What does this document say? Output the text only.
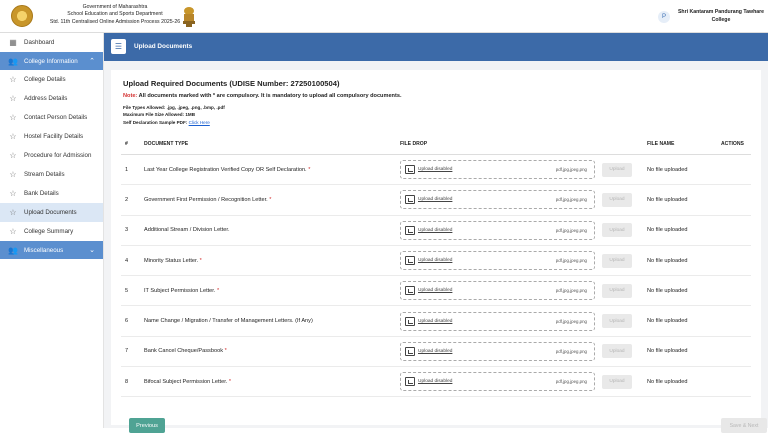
Government of Maharashtra
School Education and Sports Department
Std. 11th Centralised Online Admission Process 2025-26
P
Shri Kantaram Pandurang Tawhare College
▦ Dashboard
👥 College Information ⌃
☆ College Details
☆ Address Details
☆ Contact Person Details
☆ Hostel Facility Details
☆ Procedure for Admission
☆ Stream Details
☆ Bank Details
☆ Upload Documents
☆ College Summary
👥 Miscellaneous	⌄
☰	Upload Documents
Upload Required Documents (UDISE Number: 27250100504)
Note: All documents marked with * are compulsory. It is mandatory to upload all compulsory documents.
File Types Allowed: .jpg, .jpeg, .png, .bmp, .pdf
Maximum File Size Allowed: 1MB
Self Declaration Sample PDF: Click Here
#	DOCUMENT TYPE	FILE DROP	FILE NAME	ACTIONS
1	Last Year College Registration Verified Copy OR Self Declaration. *	Upload disabled	pdf,jpg,jpeg,png	Upload	No file uploaded
2	Government First Permission / Recognition Letter. *	Upload disabled	pdf,jpg,jpeg,png	Upload	No file uploaded
3	Additional Stream / Division Letter.	Upload disabled	pdf,jpg,jpeg,png	Upload	No file uploaded
4	Minority Status Letter. *	Upload disabled	pdf,jpg,jpeg,png	Upload	No file uploaded
5	IT Subject Permission Letter. *	Upload disabled	pdf,jpg,jpeg,png	Upload	No file uploaded
6	Name Change / Migration / Transfer of Management Letters. (If Any)	Upload disabled	pdf,jpg,jpeg,png	Upload	No file uploaded
7	Bank Cancel Cheque/Passbook *	Upload disabled	pdf,jpg,jpeg,png	Upload	No file uploaded
8	Bifocal Subject Permission Letter. *	Upload disabled	pdf,jpg,jpeg,png	Upload	No file uploaded
Previous	Save & Next
